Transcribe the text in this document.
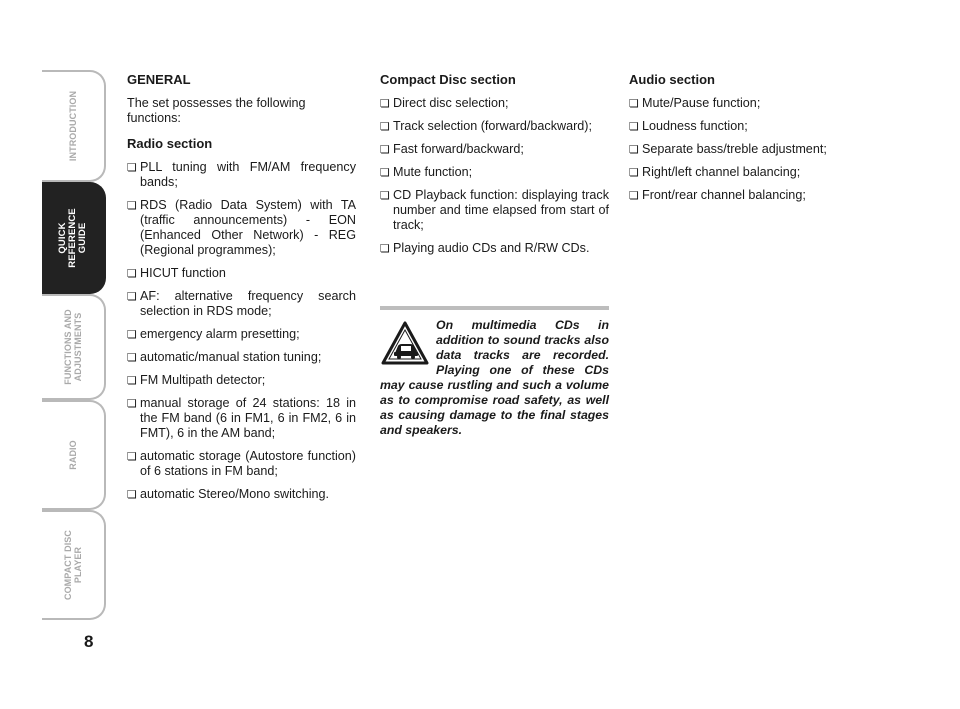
INTRODUCTION
QUICK
REFERENCE
GUIDE
FUNCTIONS AND
ADJUSTMENTS
RADIO
COMPACT DISC
PLAYER
8
GENERAL

The set possesses the following functions:

Radio section
❏ PLL tuning with FM/AM frequency bands;
❏ RDS (Radio Data System) with TA (traffic announcements) - EON (Enhanced Other Network) - REG (Regional programmes);
❏ HICUT function
❏ AF: alternative frequency search selection in RDS mode;
❏ emergency alarm presetting;
❏ automatic/manual station tuning;
❏ FM Multipath detector;
❏ manual storage of 24 stations: 18 in the FM band (6 in FM1, 6 in FM2, 6 in FMT), 6 in the AM band;
❏ automatic storage (Autostore function) of 6 stations in FM band;
❏ automatic Stereo/Mono switching.
Compact Disc section
❏ Direct disc selection;
❏ Track selection (forward/backward);
❏ Fast forward/backward;
❏ Mute function;
❏ CD Playback function: displaying track number and time elapsed from start of track;
❏ Playing audio CDs and R/RW CDs.

On multimedia CDs in addition to sound tracks also data tracks are recorded. Playing one of these CDs may cause rustling and such a volume as to compromise road safety, as well as causing damage to the final stages and speakers.

Audio section
❏ Mute/Pause function;
❏ Loudness function;
❏ Separate bass/treble adjustment;
❏ Right/left channel balancing;
❏ Front/rear channel balancing;
